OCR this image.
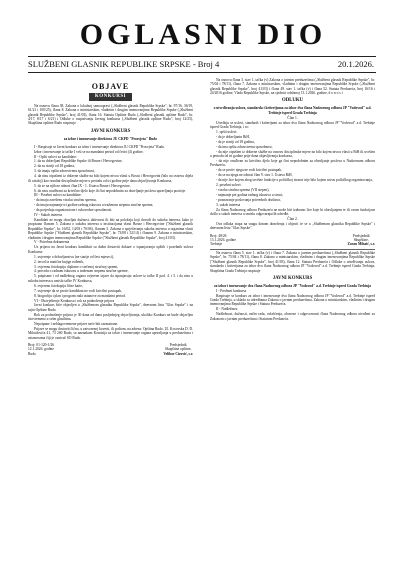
OGLASNI DIO
SLUŽBENI GLASNIK REPUBLIKE SRPSKE - Broj 4	20.1.2026.
OBJAVE
KONKURSI

Na osnovu člana 38. Zakona o lokalnoj samoupravi („Službeni glasnik Republike Srpske", br. 97/16, 36/19, 61/21 i 100/25), člana 8. Zakona o ministarskim, vladinim i drugim imenovanjima Republike Srpske („Službeni glasnik Republike Srpske", broj 41/03), člana 16. Statuta Opštine Rudo („Službeni glasnik opštine Rudo", br. 4/17, 8/17 i 6/21) i Odluke o raspisivanju Javnog konkursa („Službeni glasnik opštine Rudo", broj 12/25), Skupština opštine Rudo raspisuje

JAVNI KONKURS

za izbor i imenovanje direktora JU CKPD "Prosvjeta" Rudo

I - Raspisuje se Javni konkurs za izbor i imenovanje direktora JU CKPD "Prosvjeta" Rudo.

Izbor i imenovanje iz tačke I vrši se na mandatni period od četiri (4) godine.

II - Opšti uslovi za kandidate:

1. da su državljani Republike Srpske ili Bosne i Hercegovine,

2. da su stariji od 18 godina,

3. da imaju opštu zdravstvenu sposobnost,

4. da nisu otpušteni iz državne službe na bilo kojem nivou vlasti u Bosni i Hercegovini (bilo na osnovu dijela ili ostaloj) kao rezultat disciplinske mjere u periodu od tri godine prije dana objavljivanja Konkursa,

5. da se na njih ne odnosi član IX - 1. Ustava Bosne i Hercegovine,

6. da nisu osuđivani za krivično djelo koje ih čini nepodobnim za obavljanje poslova upravljanja pozicije.

III - Posebni uslovi za kandidate:

- da imaju završenu visoku stručnu spremu,

- da imaju najmanje tri godine radnog iskustva u traženom stepenu stručne spreme,

- da posjeduju organizacione i rukovodne sposobnosti.

IV - Sukob interesa

Kandidati ne mogu obavljati dužnost, aktivnost ili biti na položaju koji dovodi do sukoba interesa, kako je propisano članom 5. Zakona o sukobu interesa u institucijama vlasti Bosne i Hercegovine ("Službeni glasnik Republike Srpske", br. 16/02, 14/03 i 76/06), članom 5. Zakona o sprječavanju sukoba interesa u organima vlasti Republike Srpske ("Službeni glasnik Republike Srpske", br. 73/08 i 52/14) i članom 9. Zakona o ministarskim, vladinim i drugim imenovanjima Republike Srpske ("Službeni glasnik Republike Srpske", broj 41/03).

V - Potrebna dokumenta

Uz prijavu na Javni konkurs kandidati su dužni dostaviti dokaze o ispunjavanju opštih i posebnih uslova Konkursa:

1. uvjerenje o državljanstvu (ne starije od šest mjeseci),

2. izvod iz matične knjige rođenih,

3. ovjerenu fotokopiju diplome o stečenoj stručnoj spremi,

4. potvrdu o radnom iskustvu u traženom stepenu stručne spreme,

5. potpisane i od nadležnog organa ovjerene izjave da ispunjavaju uslove iz tačke II pod. 4. i 5. i da nisu u sukobu interesa u smislu tačke IV Konkursa,

6. ovjerenu fotokopiju lične karte,

7. uvjerenje da se protiv kandidata ne vodi krivični postupak,

8. biografiju i plan i program rada ustanove za mandatni period.

VI - Obavještenje Konkursa i rok za podnošenje prijava

Javni konkurs biće objavljen u „Službenom glasniku Republike Srpske", dnevnom listu "Glas Srpske" i na sajtu Opštine Rudo.

Rok za podnošenje prijava je 30 dana od dana posljednjeg objavljivanja, ukoliko Konkurs ne bude objavljen istovremeno u svim glasilima.

Nepotpune i neblagovremene prijave neće biti razmatrane.

Prijave se mogu dostaviti lično, u zatvorenoj koverti, ili poštom, na adresu: Opština Rudo, Ul. Kosovska D. D. Mihailovića 41, 73 260 Rudo, sa naznakom Komisija za izbor i imenovanje organa upravljanja u preduzećima i ustanovama čiji je osnivač SO Rudo.

Broj: 01-120-1/26
12.1.2026. godine
Rudo
Predsjednik
Skupštine opštine,
Velibor Cirović, s.r.

Na osnovu člana 3. stav 1, tačka (v) Zakona o javnim preduzećima („Službeni glasnik Republike Srpske", br. 75/04 i 78/11), člana 7. Zakona o ministarskim, vladinim i drugim imenovanjima Republike Srpske („Službeni glasnik Republike Srpske", broj 41/03) i člana 49. stav 1. tačka (v) i člana 52. Statuta Preduzeća, broj 16/16 i 24/2016 godine, Vlada Republike Srpske, na sjednici održanoj 13.1.2026. godine, d o n o s i

ODLUKU

o utvrđivanju uslova, standarda i kriterijuma za izbor dva člana Nadzornog odbora JP "Vodovod" a.d. Trebinje ispred Grada Trebinja

Član 1.

Utvrđuju se uslovi, standardi i kriterijumi za izbor dva člana Nadzornog odbora JP "Vodovod" a.d. Trebinje ispred Grada Trebinja, i to:

1. opšti uslovi:

- da je državljanin BiH,

- da je stariji od 18 godina,

- da ima opštu zdravstvenu sposobnost,

- da nije otpušten iz državne službe na osnovu disciplinske mjere na bilo kojem nivou vlasti u BiH ili uvršten u periodu od tri godine prije dana objavljivanja konkursa,

- da nije osuđivan za krivično djelo koje ga čini nepodobnim za obavljanje poslova u Nadzornom odboru Preduzeća,

- da se protiv njega ne vodi krivični postupak,

- da se na njega ne odnosi član 9. stav 1. Ustava BiH,

- da nije lice kojem zbog izvršne funkcije u političkoj stranci nije bilo kojem nivou političkog organizovanja,

2. posebni uslovi:

- visoka stručna sprema (VII stepen),

- najmanje pet godina radnog iskustva u struci,

- poznavanje poslovanja privrednih društava,

3. sukob interesa

Za člana Nadzornog odbora Preduzeća ne može biti izabrano lice koje bi obavljanjem te ili ovom funkcijom došlo u sukob interesa u smislu odgovarajućih odredbi.

Član 2.

Ova odluka stupa na snagu danom donošenja i objavit će se u „Službenom glasniku Republike Srpske" i dnevnom listu "Glas Srpske".

Broj: 48/26
13.1.2026. godine
Trebinje
Predsjednik
Skupštine,
Zoran Mihaić, s.r.

Na osnovu člana 5. stav 1. tačka (v) i člana 7. Zakona o javnim preduzećima („Službeni glasnik Republike Srpske", br. 75/04 i 78/11), člana 8. Zakona o ministarskim, vladinim i drugim imenovanjima Republike Srpske ("Službeni glasnik Republike Srpske", broj 41/03), člana 12. Statuta Preduzeća i Odluke o utvrđivanju uslova, standarda i kriterijuma za izbor dva člana Nadzornog odbora JP "Vodovod" a.d. Trebinje ispred Grada Trebinja, Skupština Grada Trebinja raspisuje

JAVNI KONKURS

za izbor i imenovanje dva člana Nadzornog odbora JP "Vodovod" a.d. Trebinje ispred Grada Trebinja

I - Predmet konkursa

Raspisuje se konkurs za izbor i imenovanje dva člana Nadzornog odbora JP "Vodovod" a.d. Trebinje ispred Grada Trebinja, u skladu sa odredbama Zakona o javnim preduzećima, Zakona o ministarskim, vladinim i drugim imenovanjima Republike Srpske i Statuta Preduzeća.

II - Nadležnost

Nadležnost, dužnosti, način rada, ovlašćenja, obaveze i odgovornosti člana Nadzornog odbora utvrđeni su Zakonom o javnim preduzećima i Statutom Preduzeća.
